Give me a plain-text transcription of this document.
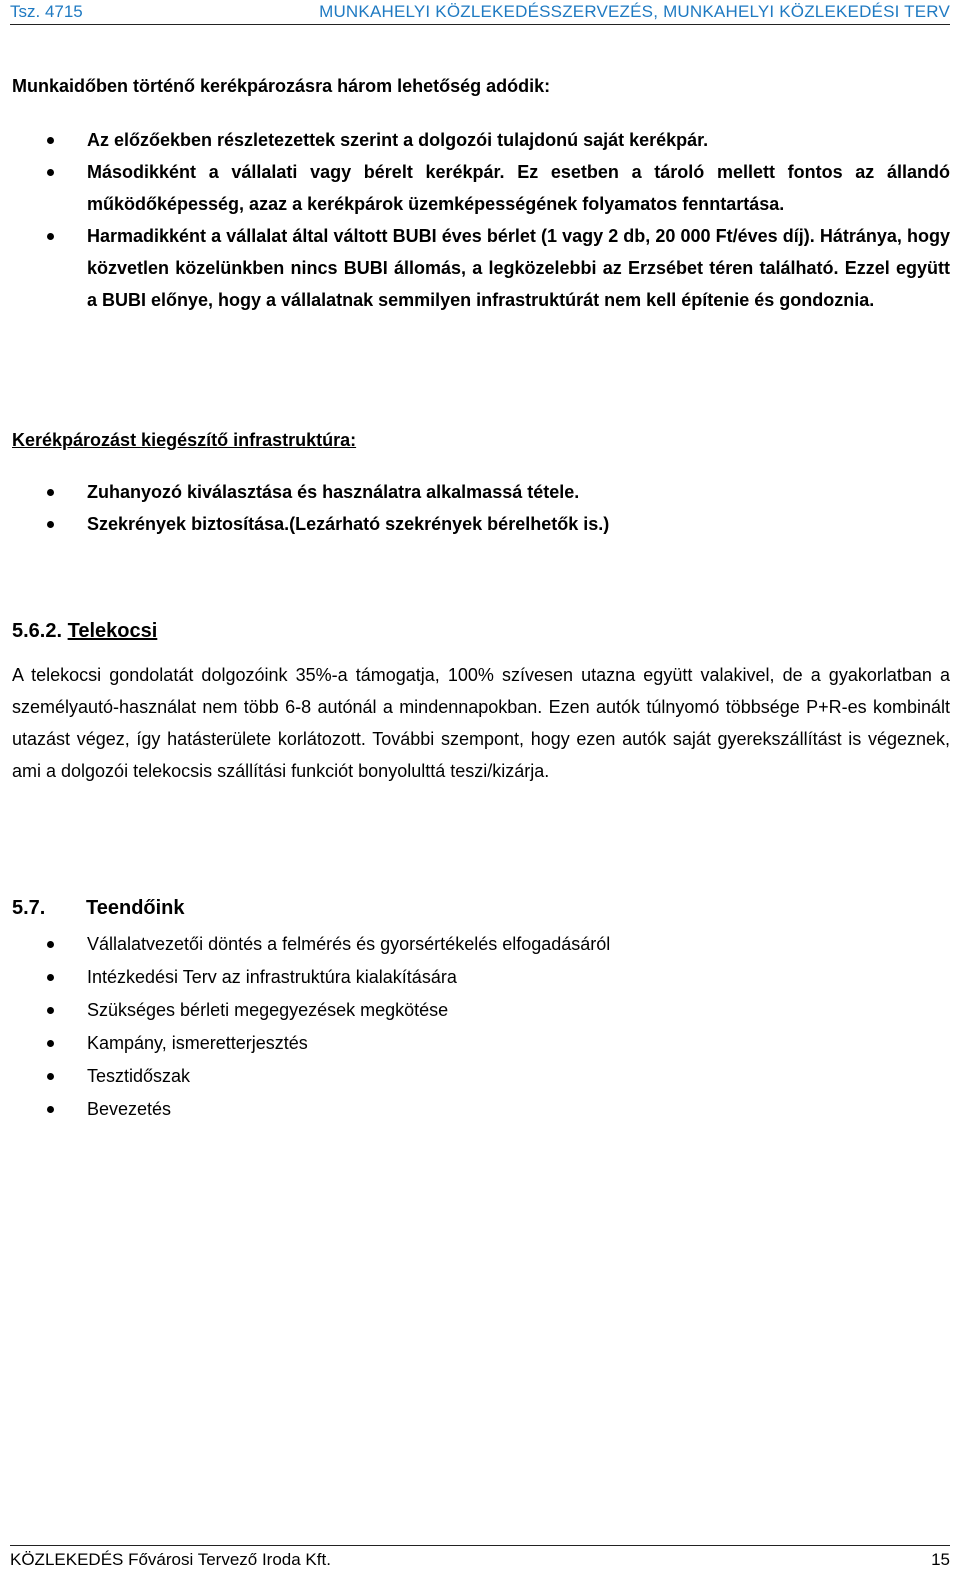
Tsz. 4715	MUNKAHELYI KÖZLEKEDÉSSZERVEZÉS, MUNKAHELYI KÖZLEKEDÉSI TERV
Munkaidőben történő kerékpározásra három lehetőség adódik:
Az előzőekben részletezettek szerint a dolgozói tulajdonú saját kerékpár.
Másodikként a vállalati vagy bérelt kerékpár. Ez esetben a tároló mellett fontos az állandó működőképesség, azaz a kerékpárok üzemképességének folyamatos fenntartása.
Harmadikként a vállalat által váltott BUBI éves bérlet (1 vagy 2 db, 20 000 Ft/éves díj). Hátránya, hogy közvetlen közelünkben nincs BUBI állomás, a legközelebbi az Erzsébet téren található. Ezzel együtt a BUBI előnye, hogy a vállalatnak semmilyen infrastruktúrát nem kell építenie és gondoznia.
Kerékpározást kiegészítő infrastruktúra:
Zuhanyozó kiválasztása és használatra alkalmassá tétele.
Szekrények biztosítása.(Lezárható szekrények bérelhetők is.)
5.6.2. Telekocsi
A telekocsi gondolatát dolgozóink 35%-a támogatja, 100% szívesen utazna együtt valakivel, de a gyakorlatban a személyautó-használat nem több 6-8 autónál a mindennapokban. Ezen autók túlnyomó többsége P+R-es kombinált utazást végez, így hatásterülete korlátozott. További szempont, hogy ezen autók saját gyerekszállítást is végeznek, ami a dolgozói telekocsis szállítási funkciót bonyolulttá teszi/kizárja.
5.7. Teendőink
Vállalatvezetői döntés a felmérés és gyorsértékelés elfogadásáról
Intézkedési Terv az infrastruktúra kialakítására
Szükséges bérleti megegyezések megkötése
Kampány, ismeretterjesztés
Tesztidőszak
Bevezetés
KÖZLEKEDÉS Fővárosi Tervező Iroda Kft.	15
